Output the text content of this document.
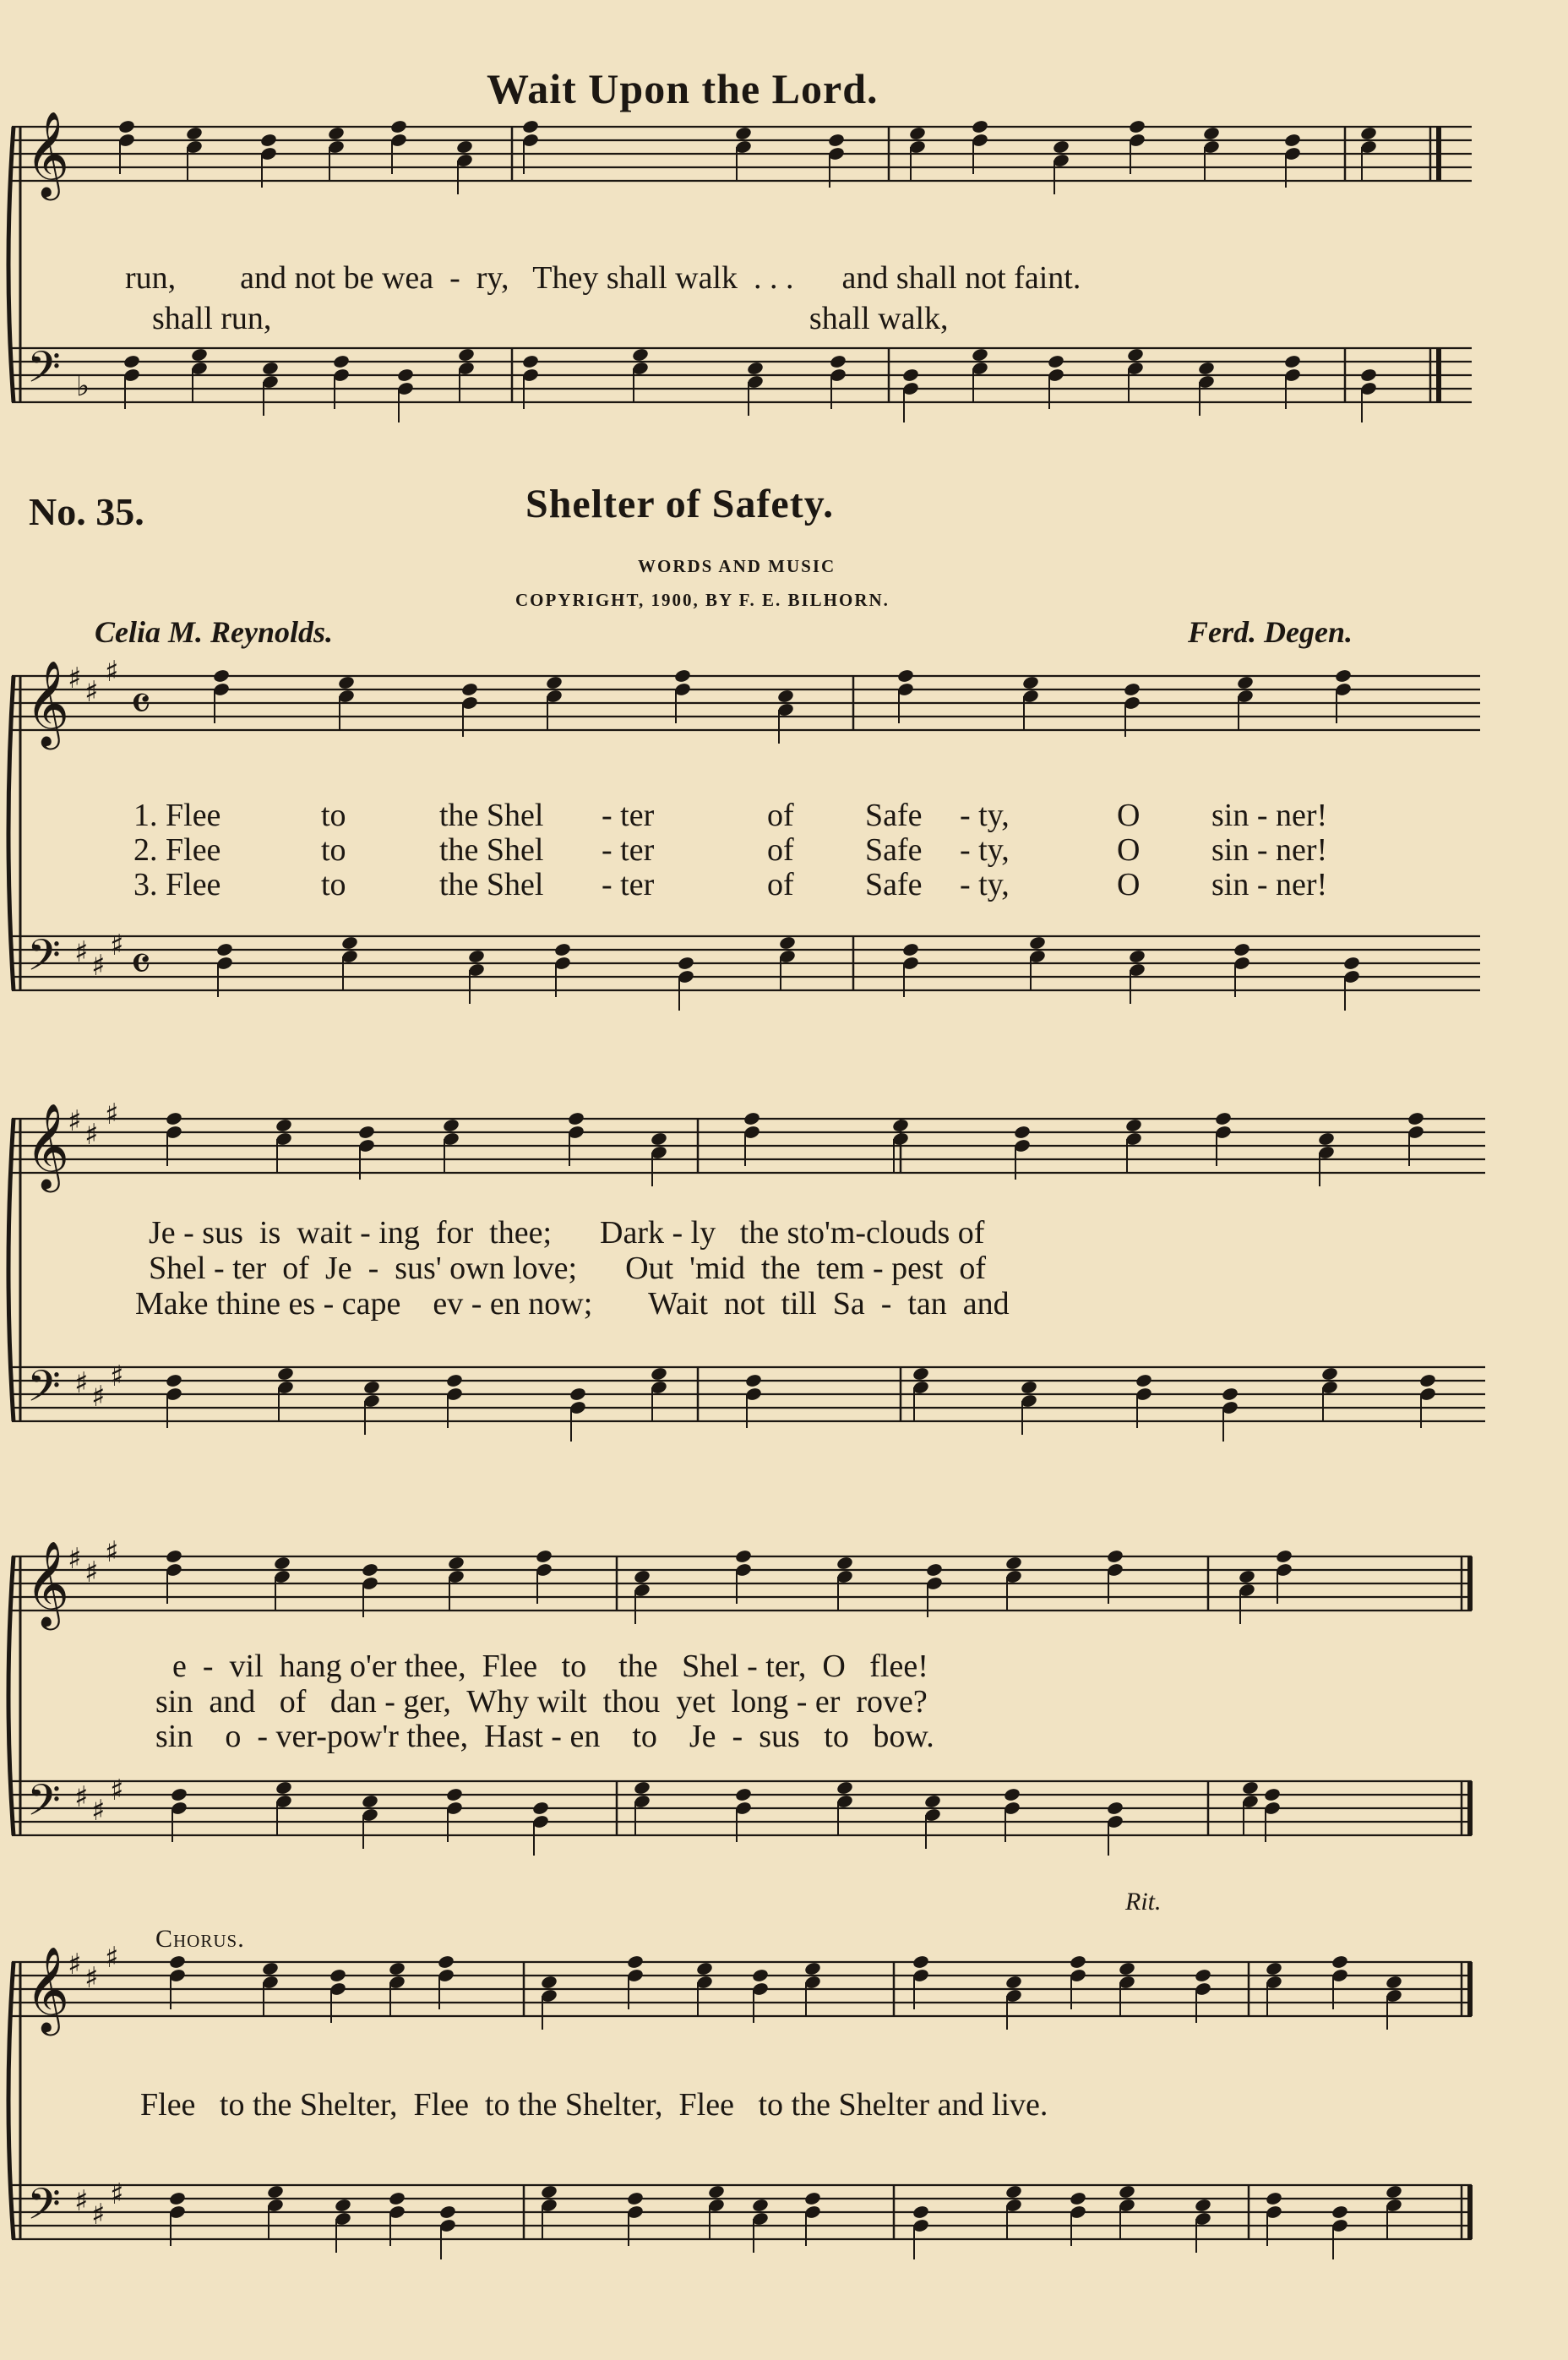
𝄞
𝄢 ♭
𝄞
𝄢
♯ ♯
♯
♯ ♯
♯
𝄴
𝄴
𝄞
𝄢
♯ ♯
♯
♯ ♯
♯
𝄞
𝄢
♯ ♯
♯
♯ ♯
♯
𝄞
𝄢
♯ ♯
♯
♯ ♯
♯
Wait Upon the Lord.
run,        and not be wea  -  ry,   They shall walk  . . .      and shall not faint.
shall run,                                                                   shall walk,
No. 35.	Shelter of Safety.
WORDS AND MUSIC
COPYRIGHT, 1900, BY F. E. BILHORN.
Celia M. Reynolds.	Ferd. Degen.
1. Flee	to	the Shel - ter	of Safe - ty,	O sin - ner!
2. Flee	to	the Shel - ter	of Safe - ty,	O sin - ner!
3. Flee	to	the Shel - ter	of Safe - ty,	O sin - ner!
Je - sus  is  wait - ing  for  thee;      Dark - ly   the sto'm-clouds of
Shel - ter  of  Je  -  sus' own love;      Out  'mid  the  tem - pest  of
Make thine es - cape    ev - en now;       Wait  not  till  Sa  -  tan  and
e  -  vil  hang o'er thee,  Flee   to    the   Shel - ter,  O   flee!
sin  and   of   dan - ger,  Why wilt  thou  yet  long - er  rove?
sin    o  - ver-pow'r thee,  Hast - en    to    Je  -  sus   to   bow.
Chorus.
Rit.
Flee   to the Shelter,  Flee  to the Shelter,  Flee   to the Shelter and live.
